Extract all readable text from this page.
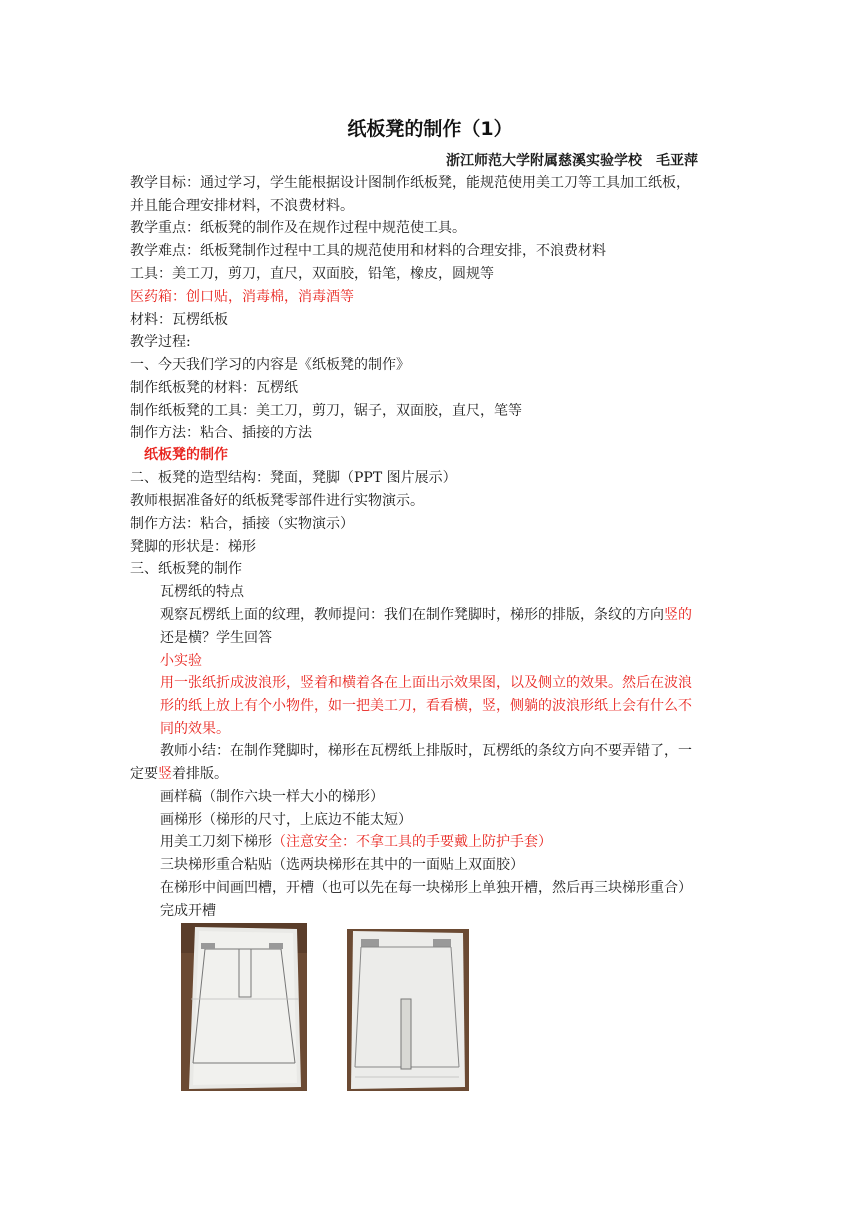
纸板凳的制作（1）
浙江师范大学附属慈溪实验学校　毛亚萍
教学目标：通过学习，学生能根据设计图制作纸板凳，能规范使用美工刀等工具加工纸板，
并且能合理安排材料，不浪费材料。
教学重点：纸板凳的制作及在规作过程中规范使工具。
教学难点：纸板凳制作过程中工具的规范使用和材料的合理安排，不浪费材料
工具：美工刀，剪刀，直尺，双面胶，铅笔，橡皮，圆规等
医药箱：创口贴，消毒棉，消毒酒等
材料：瓦楞纸板
教学过程:
一、今天我们学习的内容是《纸板凳的制作》
制作纸板凳的材料：瓦楞纸
制作纸板凳的工具：美工刀，剪刀，锯子，双面胶，直尺，笔等
制作方法：粘合、插接的方法
纸板凳的制作
二、板凳的造型结构：凳面，凳脚（PPT 图片展示）
教师根据准备好的纸板凳零部件进行实物演示。
制作方法：粘合，插接（实物演示）
凳脚的形状是：梯形
三、纸板凳的制作
瓦楞纸的特点
观察瓦楞纸上面的纹理，教师提问：我们在制作凳脚时，梯形的排版，条纹的方向竖的
还是横？学生回答
小实验
用一张纸折成波浪形，竖着和横着各在上面出示效果图，以及侧立的效果。然后在波浪
形的纸上放上有个小物件，如一把美工刀，看看横，竖，侧躺的波浪形纸上会有什么不
同的效果。
教师小结：在制作凳脚时，梯形在瓦楞纸上排版时，瓦楞纸的条纹方向不要弄错了，一
定要竖着排版。
画样稿（制作六块一样大小的梯形）
画梯形（梯形的尺寸，上底边不能太短）
用美工刀刻下梯形（注意安全：不拿工具的手要戴上防护手套）
三块梯形重合粘贴（选两块梯形在其中的一面贴上双面胶）
在梯形中间画凹槽，开槽（也可以先在每一块梯形上单独开槽，然后再三块梯形重合）
完成开槽
